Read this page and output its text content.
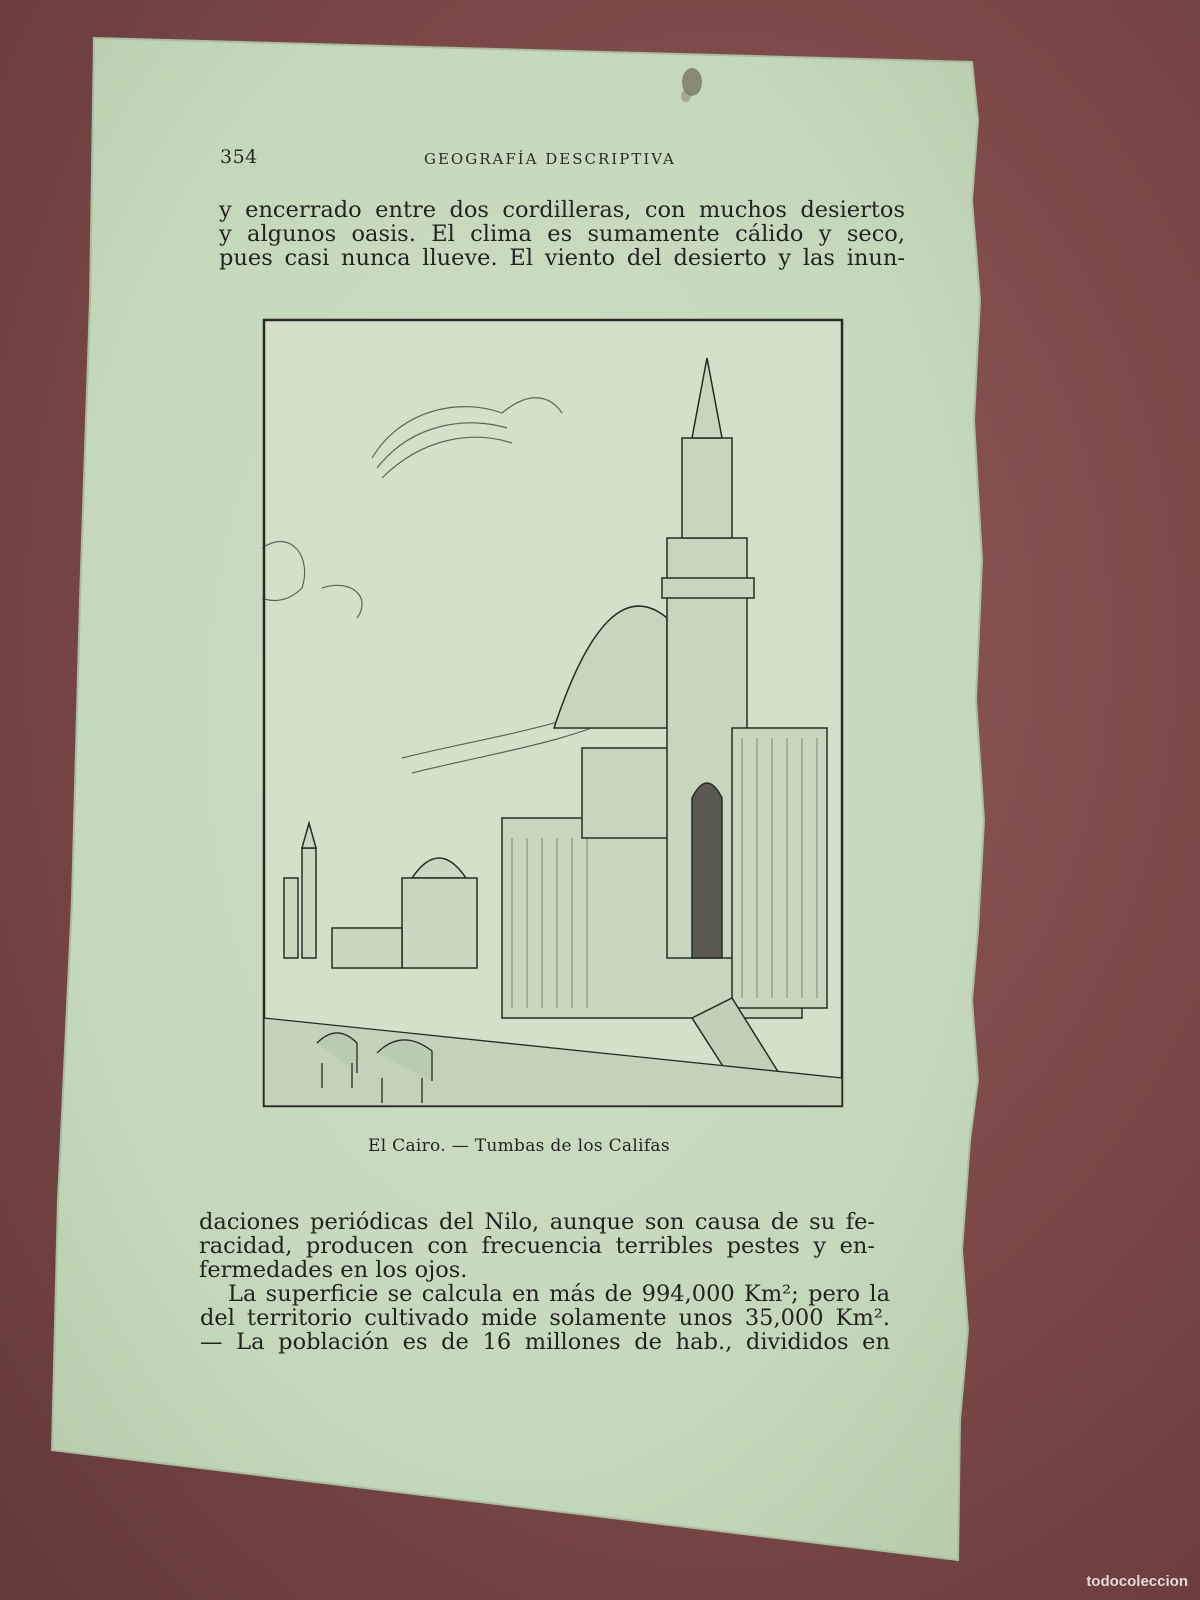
354	GEOGRAFÍA DESCRIPTIVA

y encerrado entre dos cordilleras, con muchos desiertos
y algunos oasis. El clima es sumamente cálido y seco,
pues casi nunca llueve. El viento del desierto y las inun-

El Cairo. — Tumbas de los Califas

daciones periódicas del Nilo, aunque son causa de su fe-
racidad, producen con frecuencia terribles pestes y en-
fermedades en los ojos.

La superficie se calcula en más de 994,000 Km²; pero la
del territorio cultivado mide solamente unos 35,000 Km².
— La población es de 16 millones de hab., divididos en

todocoleccion
